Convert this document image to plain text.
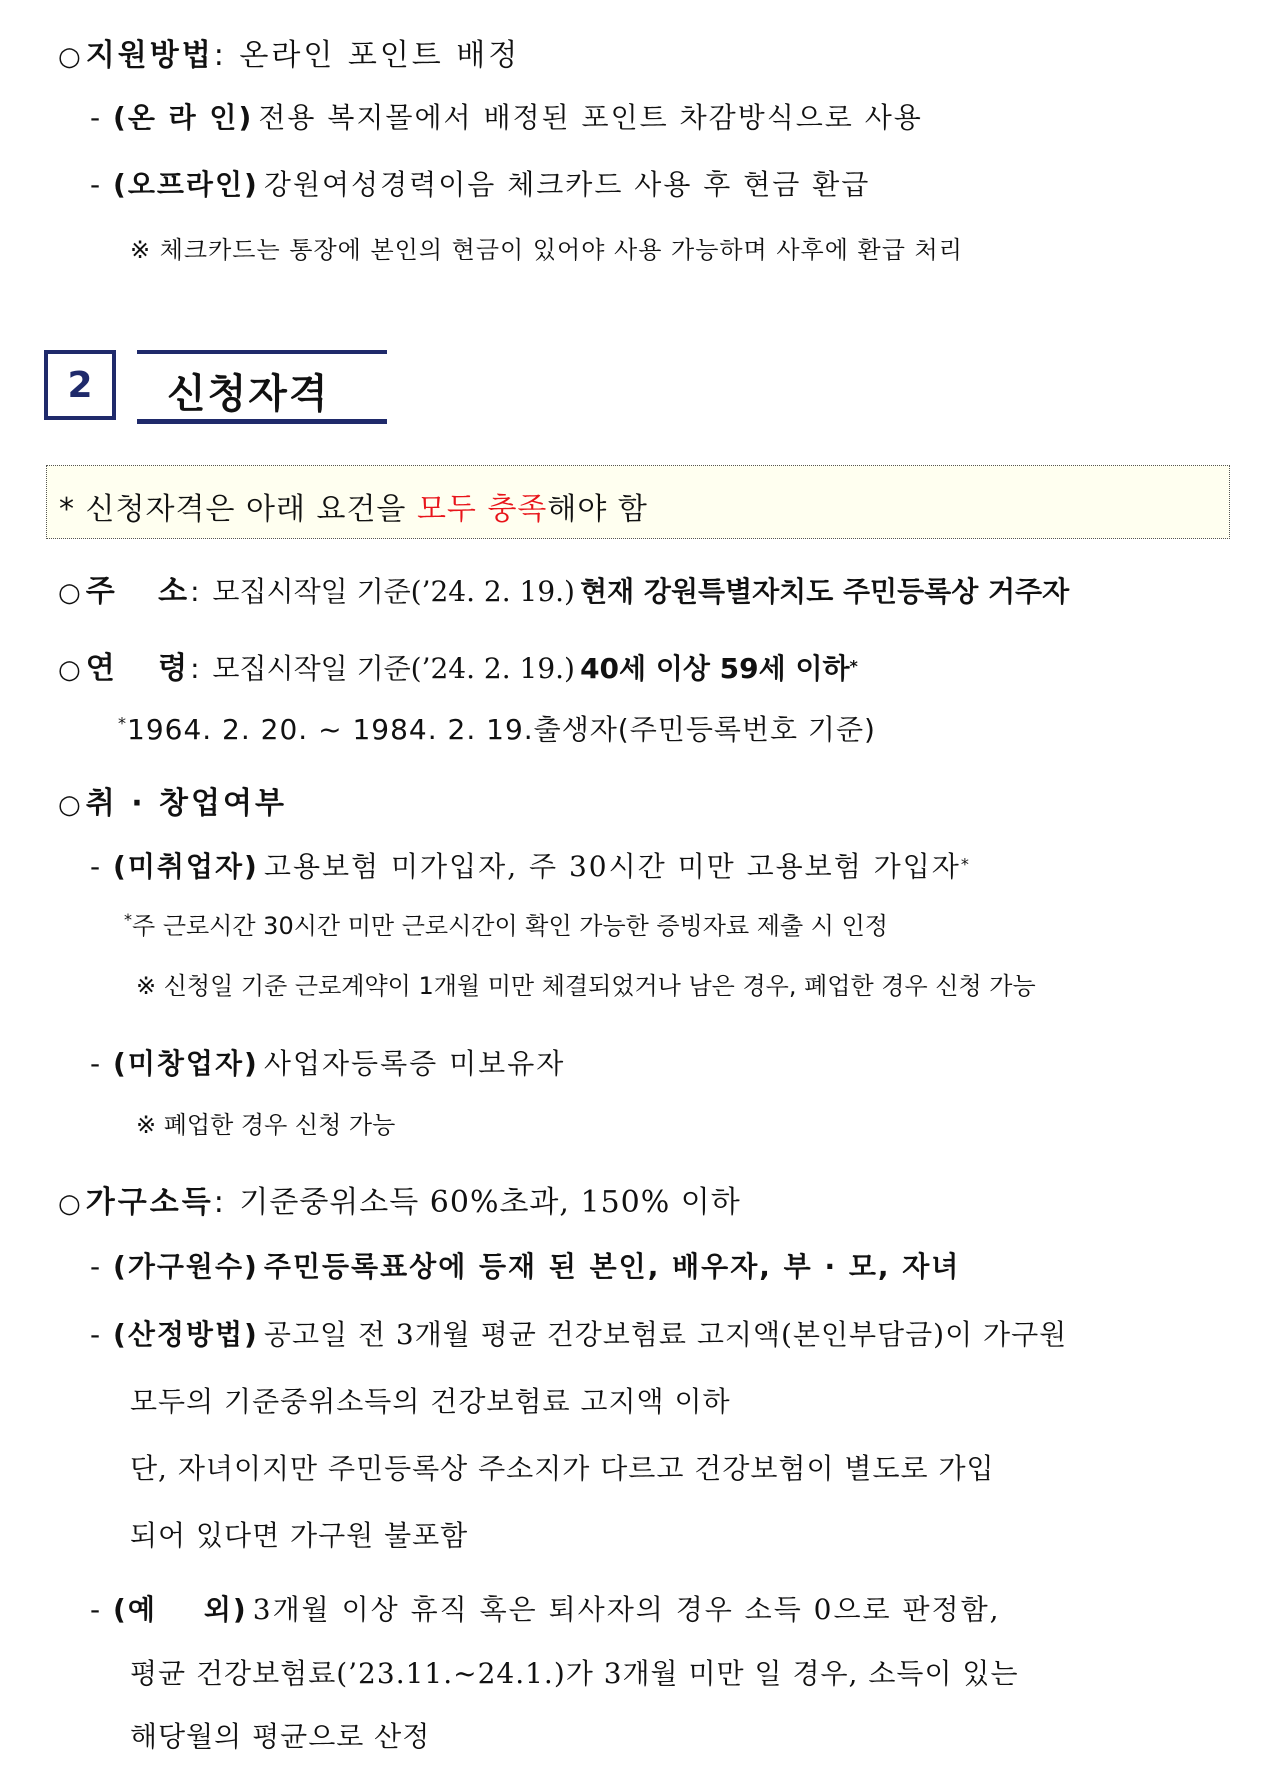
○ 지원방법: 온라인 포인트 배정
- (온 라 인) 전용 복지몰에서 배정된 포인트 차감방식으로 사용
- (오프라인) 강원여성경력이음 체크카드 사용 후 현금 환급
※ 체크카드는 통장에 본인의 현금이 있어야 사용 가능하며 사후에 환급 처리
2	신청자격
* 신청자격은 아래 요건을 모두 충족해야 함
○ 주   소: 모집시작일 기준(’24. 2. 19.) 현재 강원특별자치도 주민등록상 거주자
○ 연   령: 모집시작일 기준(’24. 2. 19.) 40세 이상 59세 이하*
*1964. 2. 20. ~ 1984. 2. 19.출생자(주민등록번호 기준)
○ 취 · 창업여부
- (미취업자) 고용보험 미가입자, 주 30시간 미만 고용보험 가입자*
*주 근로시간 30시간 미만 근로시간이 확인 가능한 증빙자료 제출 시 인정
※ 신청일 기준 근로계약이 1개월 미만 체결되었거나 남은 경우, 폐업한 경우 신청 가능
- (미창업자) 사업자등록증 미보유자
※ 폐업한 경우 신청 가능
○ 가구소득: 기준중위소득 60%초과, 150% 이하
- (가구원수) 주민등록표상에 등재 된 본인, 배우자, 부 · 모, 자녀
- (산정방법) 공고일 전 3개월 평균 건강보험료 고지액(본인부담금)이 가구원
모두의 기준중위소득의 건강보험료 고지액 이하
단, 자녀이지만 주민등록상 주소지가 다르고 건강보험이 별도로 가입
되어 있다면 가구원 불포함
- (예    외) 3개월 이상 휴직 혹은 퇴사자의 경우 소득 0으로 판정함,
평균 건강보험료(’23.11.~24.1.)가 3개월 미만 일 경우, 소득이 있는
해당월의 평균으로 산정
